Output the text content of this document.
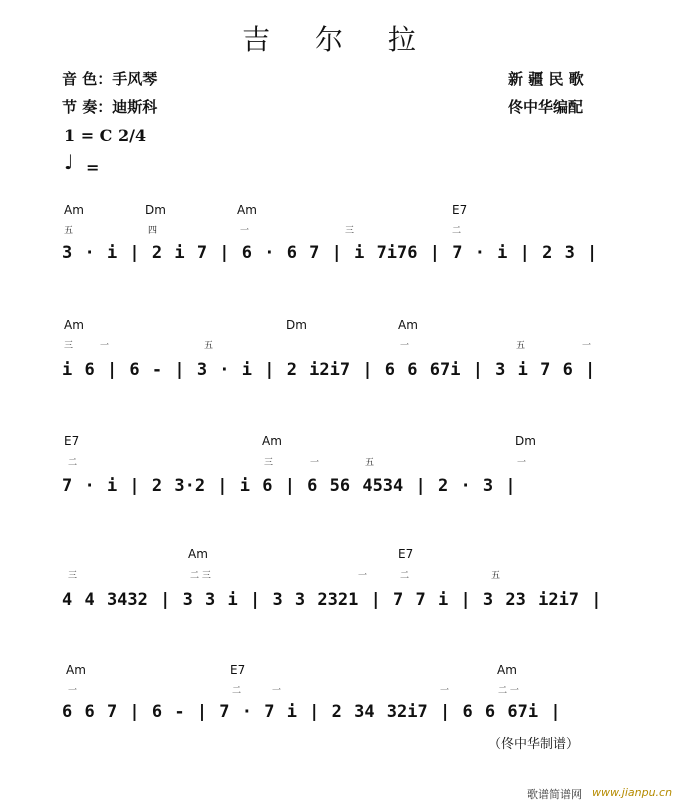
吉 尔 拉
音 色：手风琴
节 奏：迪斯科
新 疆 民 歌
佟中华编配
1 = C 2/4
♩ =
Am	Dm	Am	E7
五	四	一	三	二
3 · i | 2 i 7 | 6 · 6 7 | i 7i76 | 7 · i | 2 3 |
Am	Dm	Am
三	一	五	一	五	一
i 6 | 6 - | 3 · i | 2 i2i7 | 6 6 67i | 3 i 7 6 |
E7	Am	Dm
二	三	一	五	一
7 · i | 2 3·2 | i 6 | 6 56 4534 | 2 · 3 |
Am	E7
三	二 三	一	二	五
4 4 3432 | 3 3 i | 3 3 2321 | 7 7 i | 3 23 i2i7 |
Am	E7	Am
一	二	一	一	二 一
6 6 7 | 6 - | 7 · 7 i | 2 34 32i7 | 6 6 67i |
（佟中华制谱）
歌谱简谱网 www.jianpu.cn
